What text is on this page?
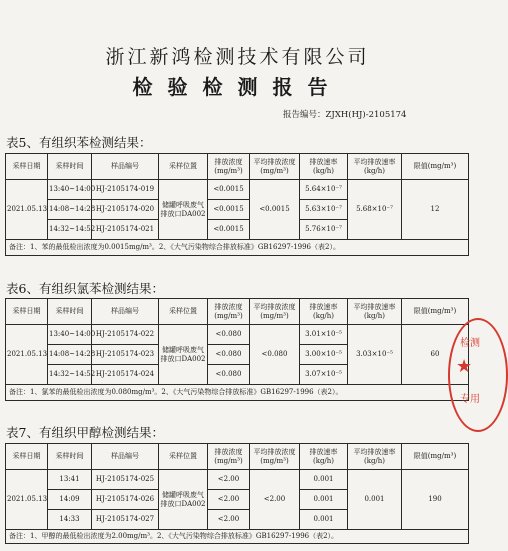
浙江新鸿检测技术有限公司
检验检测报告
报告编号：ZJXH(HJ)-2105174
表5、有组织苯检测结果：
采样日期	采样时间	样品编号	采样位置	排放浓度(mg/m³)	平均排放浓度(mg/m³)	排放速率(kg/h)	平均排放速率(kg/h)	限值(mg/m³)
2021.05.13	13:40~14:00	HJ-2105174-019	储罐呼吸废气排放口DA002	<0.0015	<0.0015	5.64×10⁻⁷	5.68×10⁻⁷	12
	14:08~14:28	HJ-2105174-020		<0.0015		5.63×10⁻⁷		
	14:32~14:52	HJ-2105174-021		<0.0015		5.76×10⁻⁷		
备注：1、苯的最低检出浓度为0.0015mg/m³。2、《大气污染物综合排放标准》GB16297-1996（表2）。								
表6、有组织氯苯检测结果：
采样日期	采样时间	样品编号	采样位置	排放浓度(mg/m³)	平均排放浓度(mg/m³)	排放速率(kg/h)	平均排放速率(kg/h)	限值(mg/m³)
2021.05.13	13:40~14:00	HJ-2105174-022	储罐呼吸废气排放口DA002	<0.080	<0.080	3.01×10⁻⁵	3.03×10⁻⁵	60
	14:08~14:28	HJ-2105174-023		<0.080		3.00×10⁻⁵		
	14:32~14:52	HJ-2105174-024		<0.080		3.07×10⁻⁵		
备注：1、氯苯的最低检出浓度为0.080mg/m³。2、《大气污染物综合排放标准》GB16297-1996（表2）。								
表7、有组织甲醇检测结果：
采样日期	采样时间	样品编号	采样位置	排放浓度(mg/m³)	平均排放浓度(mg/m³)	排放速率(kg/h)	平均排放速率(kg/h)	限值(mg/m³)
2021.05.13	13:41	HJ-2105174-025	储罐呼吸废气排放口DA002	<2.00	<2.00	0.001	0.001	190
	14:09	HJ-2105174-026		<2.00		0.001		
	14:33	HJ-2105174-027		<2.00		0.001		
备注：1、甲醇的最低检出浓度为2.00mg/m³。2、《大气污染物综合排放标准》GB16297-1996（表2）。								
检测
★
专用
